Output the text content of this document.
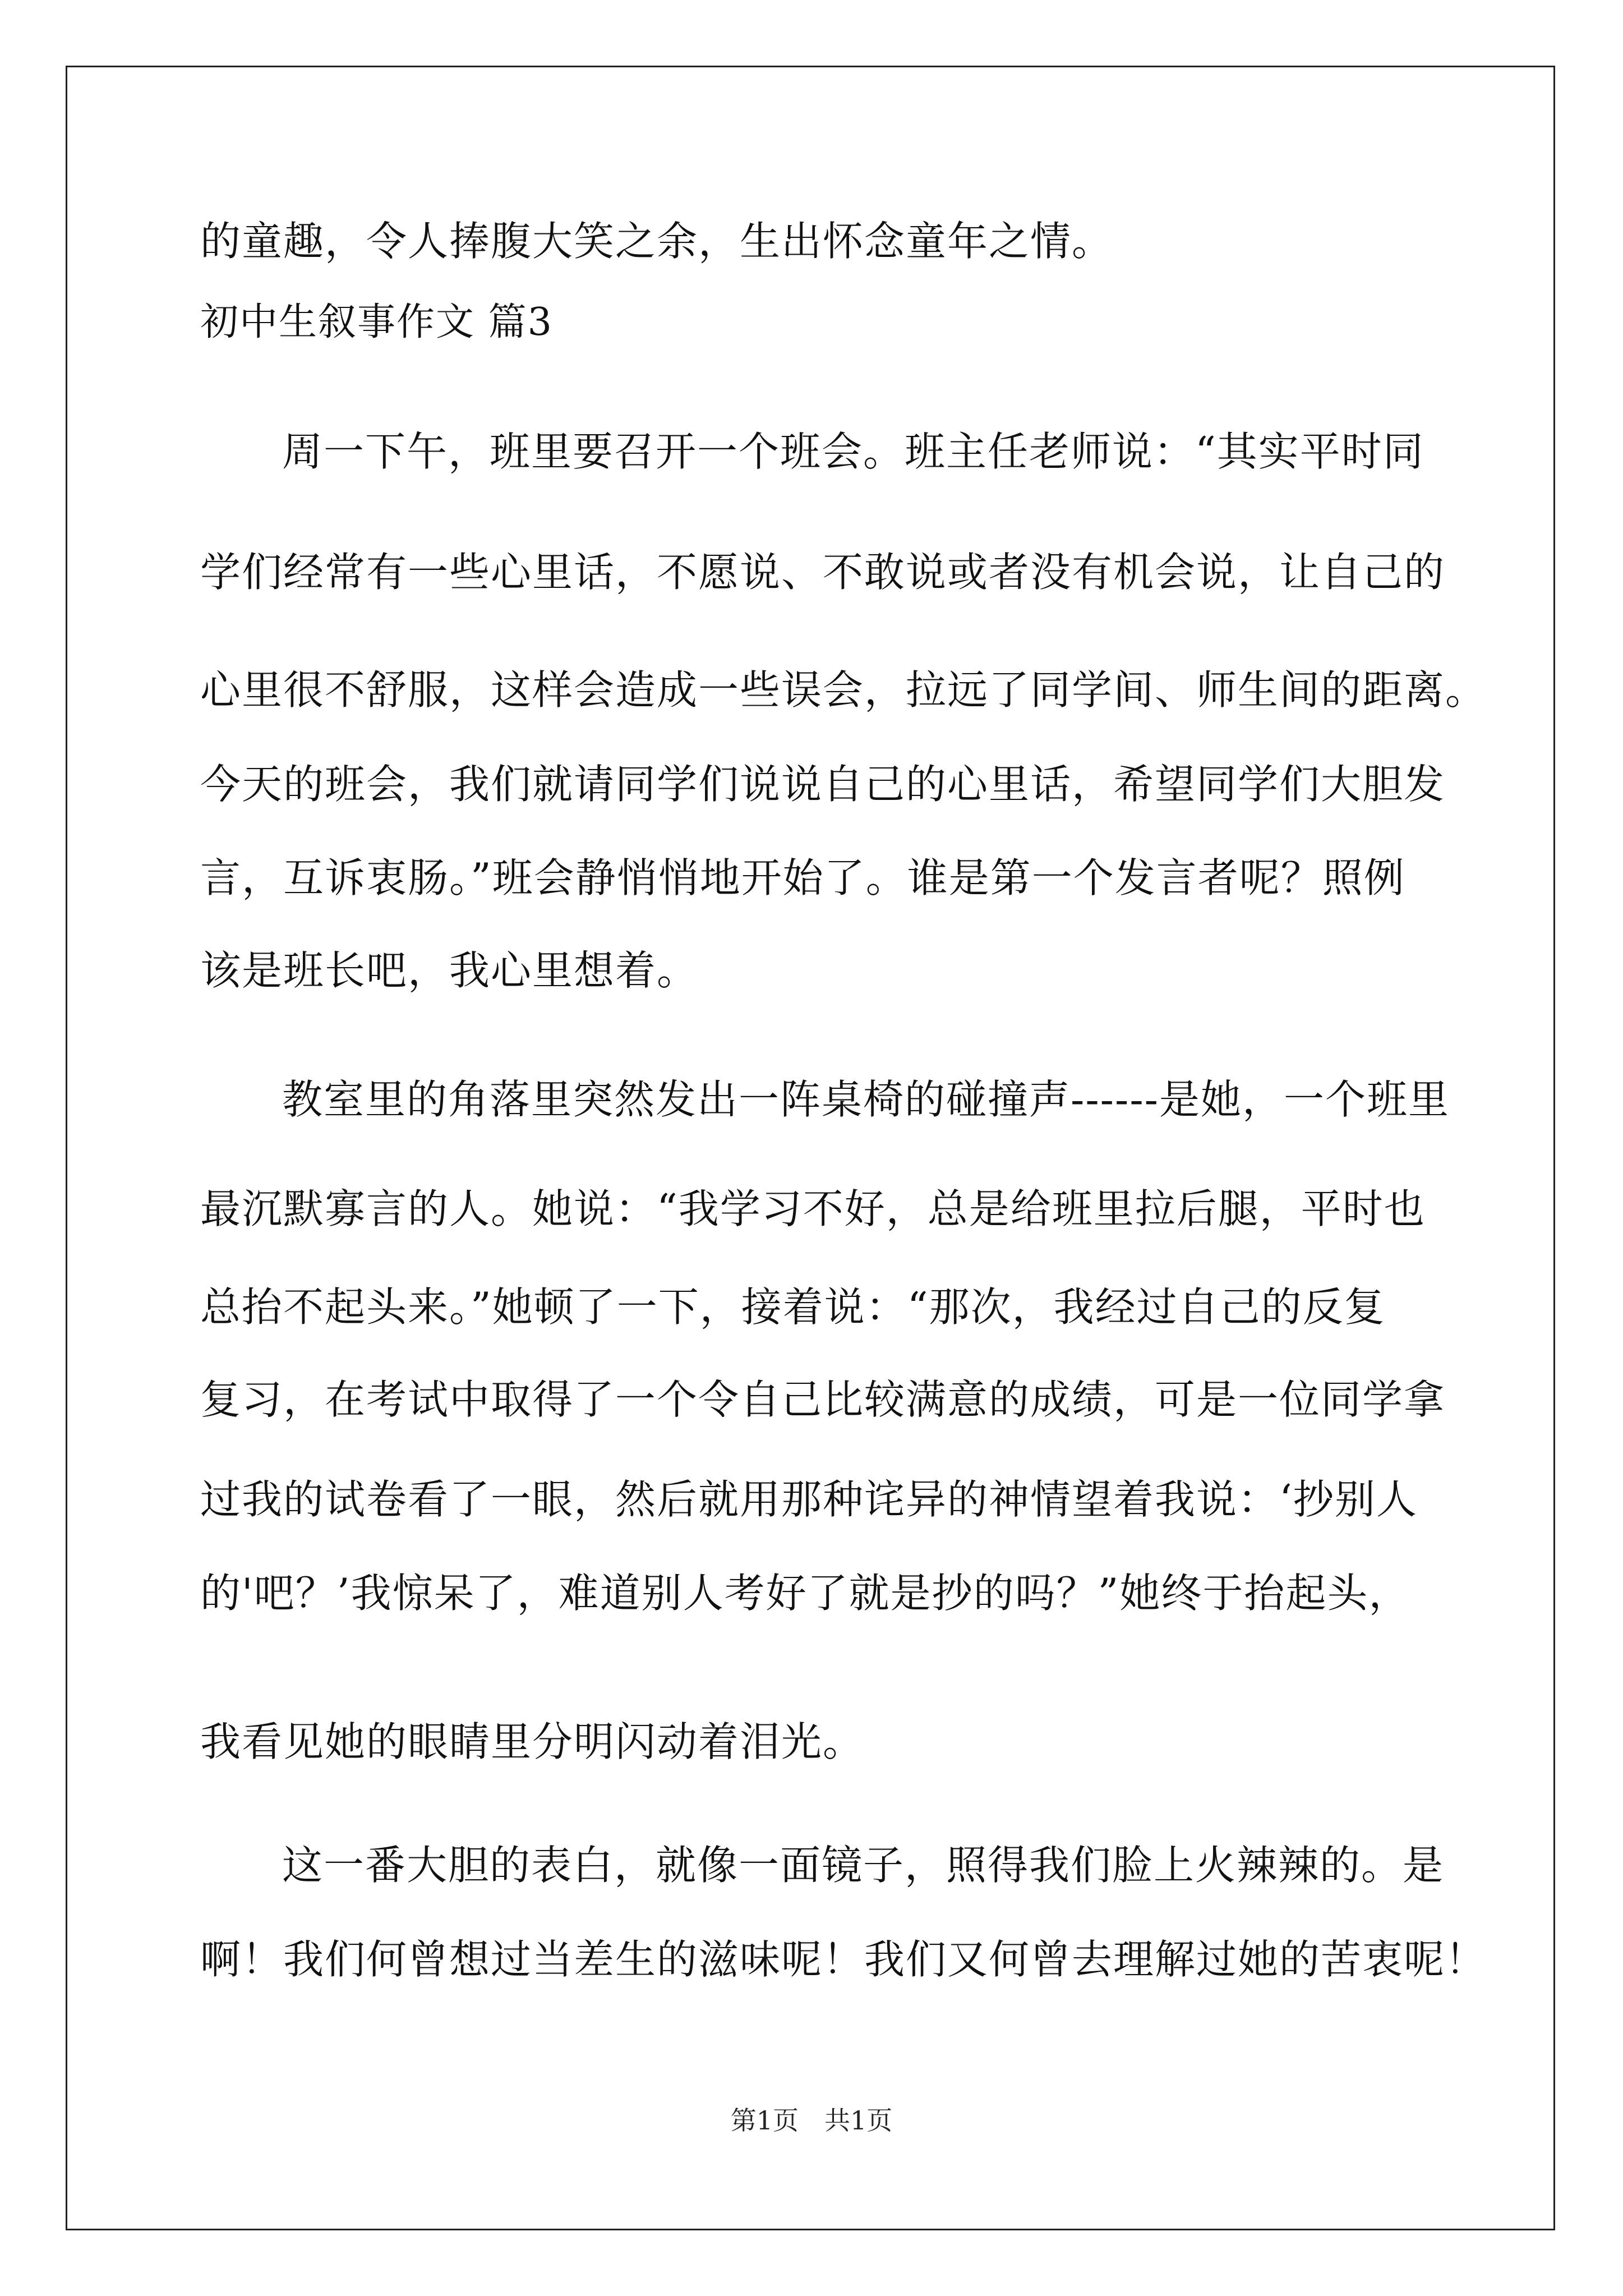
的童趣，令人捧腹大笑之余，生出怀念童年之情。
初中生叙事作文 篇3
周一下午，班里要召开一个班会。班主任老师说：“其实平时同
学们经常有一些心里话，不愿说、不敢说或者没有机会说，让自己的
心里很不舒服，这样会造成一些误会，拉远了同学间、师生间的距离。
今天的班会，我们就请同学们说说自己的心里话，希望同学们大胆发
言，互诉衷肠。”班会静悄悄地开始了。谁是第一个发言者呢？照例
该是班长吧，我心里想着。
教室里的角落里突然发出一阵桌椅的碰撞声------是她，一个班里
最沉默寡言的人。她说：“我学习不好，总是给班里拉后腿，平时也
总抬不起头来。”她顿了一下，接着说：“那次，我经过自己的反复
复习，在考试中取得了一个令自己比较满意的成绩，可是一位同学拿
过我的试卷看了一眼，然后就用那种诧异的神情望着我说：‘抄别人
的'吧？’我惊呆了，难道别人考好了就是抄的吗？”她终于抬起头，
我看见她的眼睛里分明闪动着泪光。
这一番大胆的表白，就像一面镜子，照得我们脸上火辣辣的。是
啊！我们何曾想过当差生的滋味呢！我们又何曾去理解过她的苦衷呢！
第1页　共1页
